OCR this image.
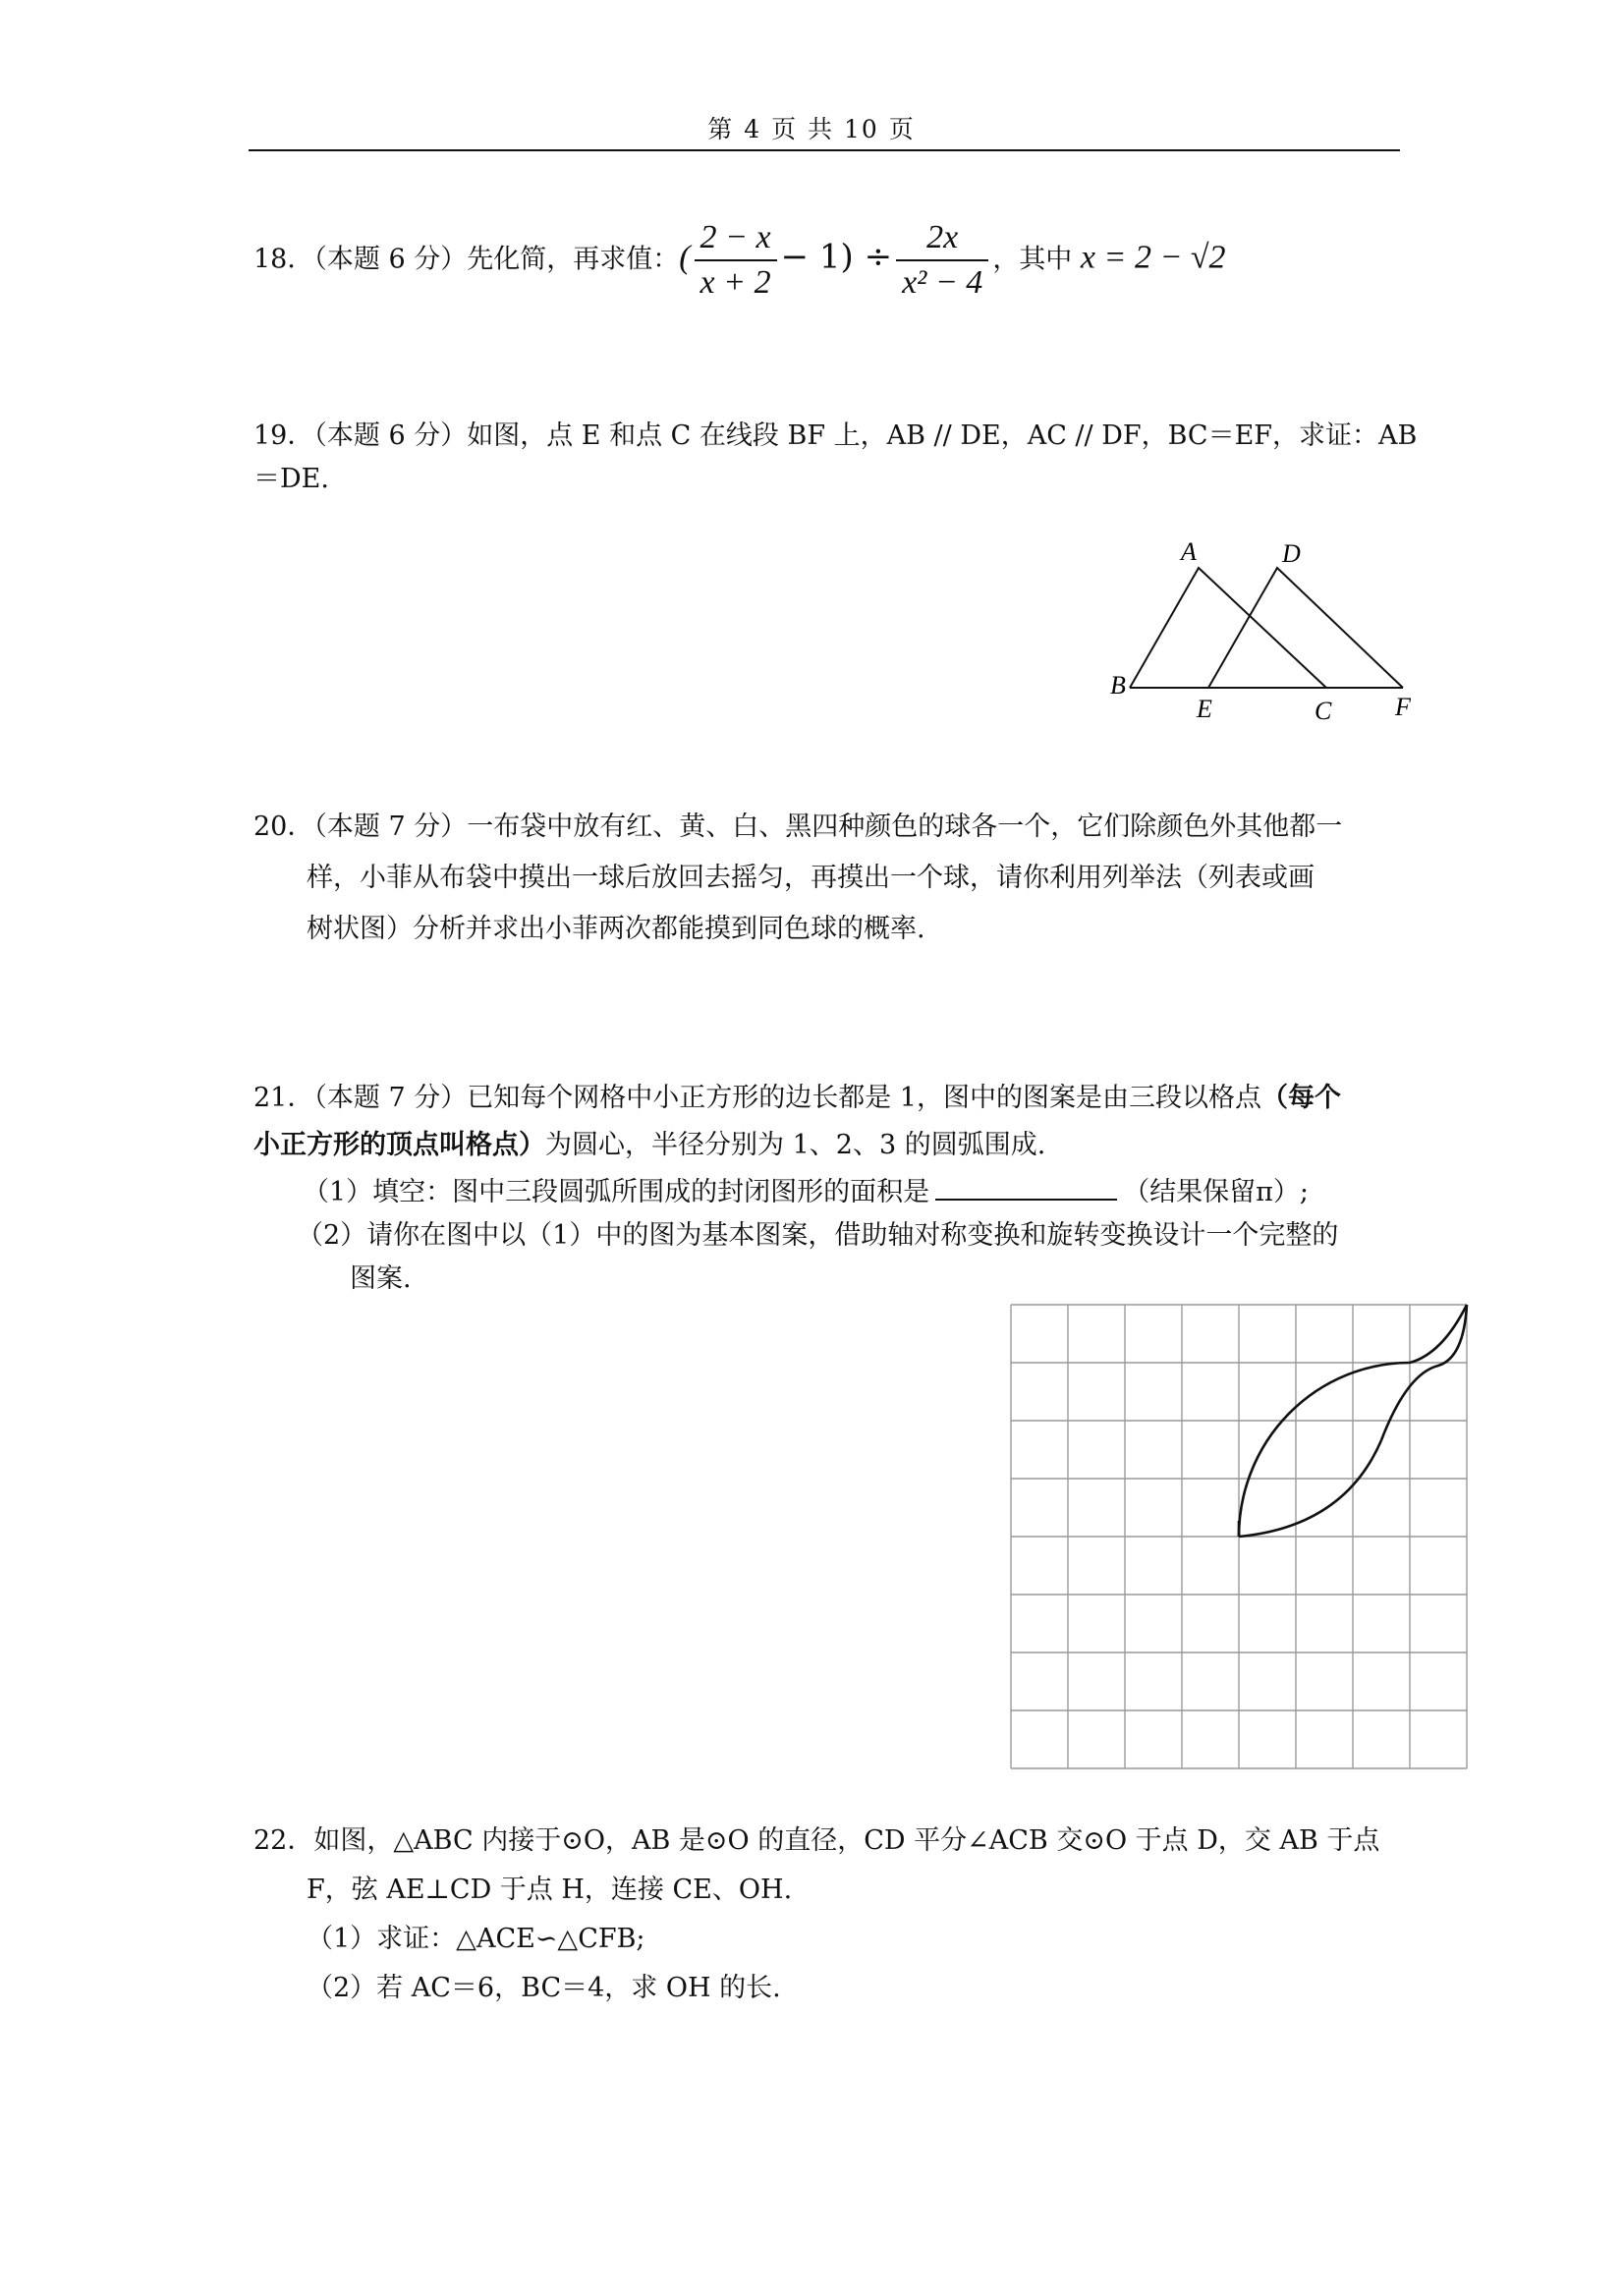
第 4 页 共 10 页
18．（本题 6 分）先化简，再求值：( $\frac{2 - x}{x + 2} - 1) \div \frac{2x}{\text{x² − 4}}$ ，其中 x = 2 − √2
19．（本题 6 分）如图，点 E 和点 C 在线段 BF 上，AB // DE，AC // DF，BC＝EF，求证：AB
＝DE.
A	D
B
E	C F
20．（本题 7 分）一布袋中放有红、黄、白、黑四种颜色的球各一个，它们除颜色外其他都一
样，小菲从布袋中摸出一球后放回去摇匀，再摸出一个球，请你利用列举法（列表或画
树状图）分析并求出小菲两次都能摸到同色球的概率.
21．（本题 7 分）已知每个网格中小正方形的边长都是 1，图中的图案是由三段以格点（每个
小正方形的顶点叫格点）为圆心，半径分别为 1、2、3 的圆弧围成.
（1）填空：图中三段圆弧所围成的封闭图形的面积是	（结果保留π）;
（2）请你在图中以（1）中的图为基本图案，借助轴对称变换和旋转变换设计一个完整的
图案.
22．如图，△ABC 内接于⊙O，AB 是⊙O 的直径，CD 平分∠ACB 交⊙O 于点 D，交 AB 于点
F，弦 AE⊥CD 于点 H，连接 CE、OH.
（1）求证：△ACE∽△CFB;
（2）若 AC＝6，BC＝4，求 OH 的长.
